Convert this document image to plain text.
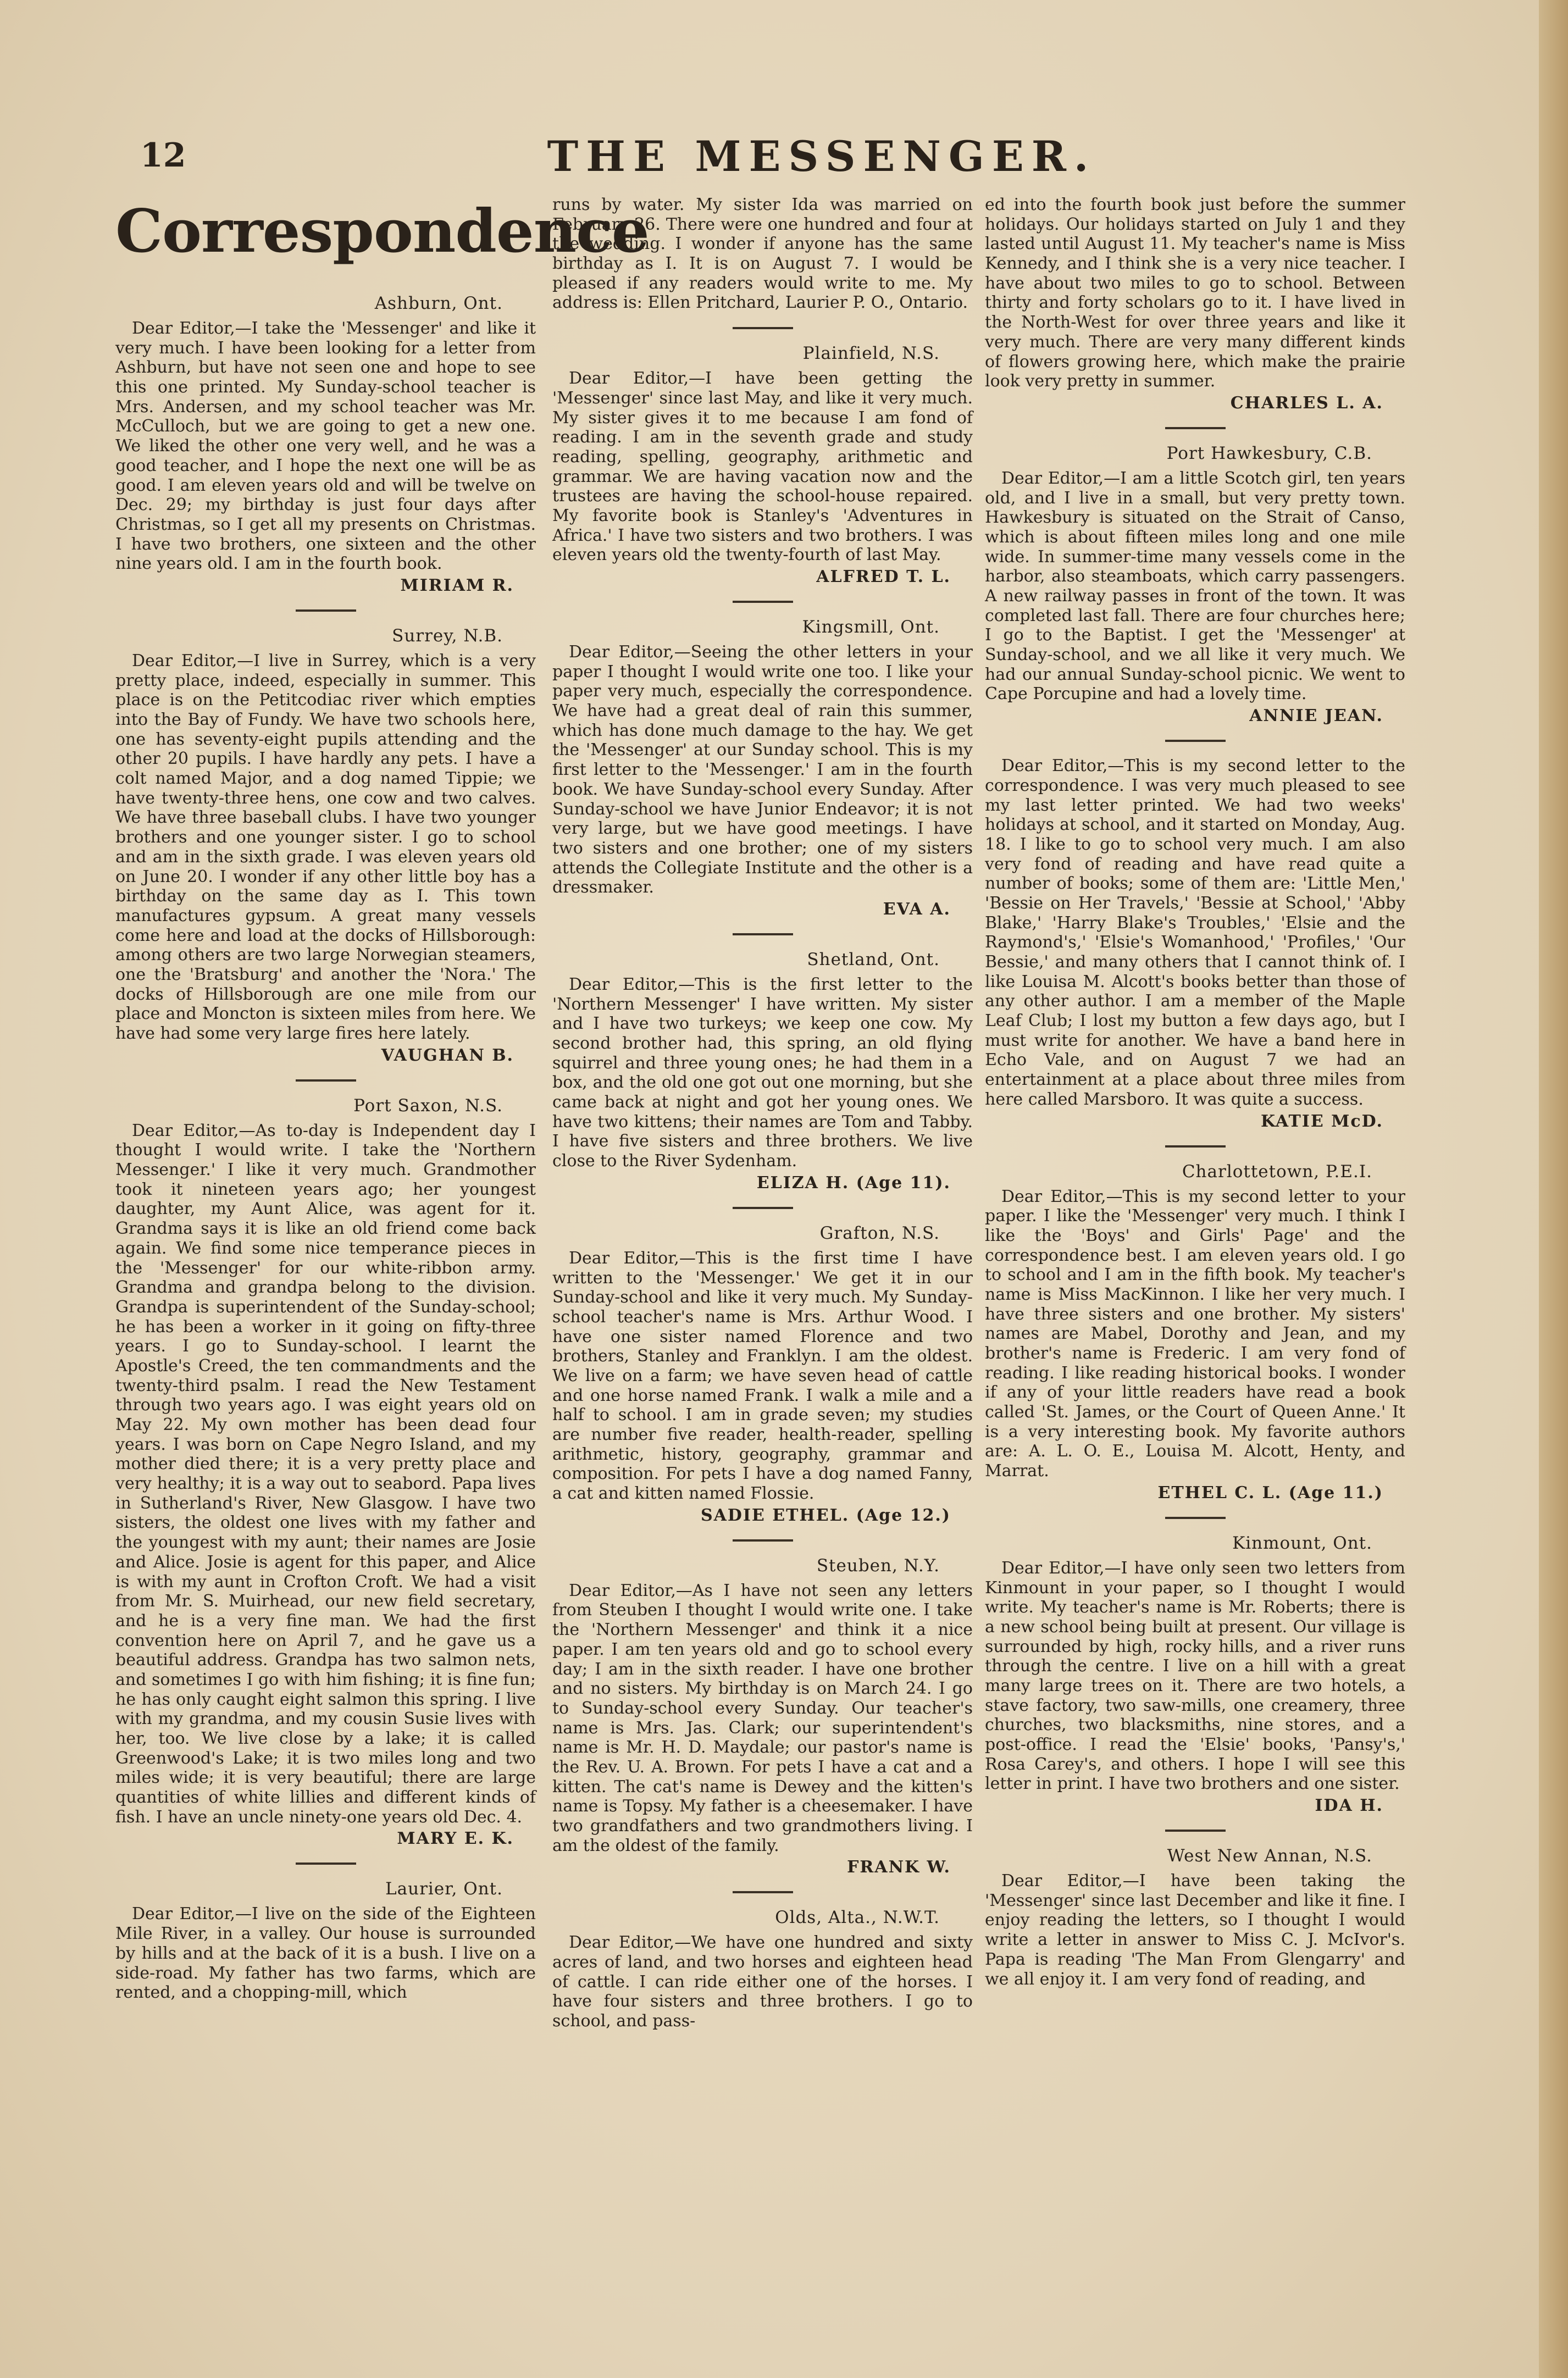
12	THE MESSENGER.
Correspondence
Ashburn, Ont.

Dear Editor,—I take the 'Messenger' and like it very much. I have been looking for a letter from Ashburn, but have not seen one and hope to see this one printed. My Sunday-school teacher is Mrs. Andersen, and my school teacher was Mr. McCulloch, but we are going to get a new one. We liked the other one very well, and he was a good teacher, and I hope the next one will be as good. I am eleven years old and will be twelve on Dec. 29; my birthday is just four days after Christmas, so I get all my presents on Christmas. I have two brothers, one sixteen and the other nine years old. I am in the fourth book.

MIRIAM R.
Surrey, N.B.

Dear Editor,—I live in Surrey, which is a very pretty place, indeed, especially in summer. This place is on the Petitcodiac river which empties into the Bay of Fundy. We have two schools here, one has seventy-eight pupils attending and the other 20 pupils. I have hardly any pets. I have a colt named Major, and a dog named Tippie; we have twenty-three hens, one cow and two calves. We have three baseball clubs. I have two younger brothers and one younger sister. I go to school and am in the sixth grade. I was eleven years old on June 20. I wonder if any other little boy has a birthday on the same day as I. This town manufactures gypsum. A great many vessels come here and load at the docks of Hillsborough: among others are two large Norwegian steamers, one the 'Bratsburg' and another the 'Nora.' The docks of Hillsborough are one mile from our place and Moncton is sixteen miles from here. We have had some very large fires here lately.

VAUGHAN B.
Port Saxon, N.S.

Dear Editor,—As to-day is Independent day I thought I would write. I take the 'Northern Messenger.' I like it very much. Grandmother took it nineteen years ago; her youngest daughter, my Aunt Alice, was agent for it. Grandma says it is like an old friend come back again. We find some nice temperance pieces in the 'Messenger' for our white-ribbon army. Grandma and grandpa belong to the division. Grandpa is superintendent of the Sunday-school; he has been a worker in it going on fifty-three years. I go to Sunday-school. I learnt the Apostle's Creed, the ten commandments and the twenty-third psalm. I read the New Testament through two years ago. I was eight years old on May 22. My own mother has been dead four years. I was born on Cape Negro Island, and my mother died there; it is a very pretty place and very healthy; it is a way out to seabord. Papa lives in Sutherland's River, New Glasgow. I have two sisters, the oldest one lives with my father and the youngest with my aunt; their names are Josie and Alice. Josie is agent for this paper, and Alice is with my aunt in Crofton Croft. We had a visit from Mr. S. Muirhead, our new field secretary, and he is a very fine man. We had the first convention here on April 7, and he gave us a beautiful address. Grandpa has two salmon nets, and sometimes I go with him fishing; it is fine fun; he has only caught eight salmon this spring. I live with my grandma, and my cousin Susie lives with her, too. We live close by a lake; it is called Greenwood's Lake; it is two miles long and two miles wide; it is very beautiful; there are large quantities of white lillies and different kinds of fish. I have an uncle ninety-one years old Dec. 4.

MARY E. K.
Laurier, Ont.

Dear Editor,—I live on the side of the Eighteen Mile River, in a valley. Our house is surrounded by hills and at the back of it is a bush. I live on a side-road. My father has two farms, which are rented, and a chopping-mill, which

runs by water. My sister Ida was married on February 26. There were one hundred and four at the wedding. I wonder if anyone has the same birthday as I. It is on August 7. I would be pleased if any readers would write to me. My address is: Ellen Pritchard, Laurier P. O., Ontario.

Plainfield, N.S.

Dear Editor,—I have been getting the 'Messenger' since last May, and like it very much. My sister gives it to me because I am fond of reading. I am in the seventh grade and study reading, spelling, geography, arithmetic and grammar. We are having vacation now and the trustees are having the school-house repaired. My favorite book is Stanley's 'Adventures in Africa.' I have two sisters and two brothers. I was eleven years old the twenty-fourth of last May.

ALFRED T. L.
Kingsmill, Ont.

Dear Editor,—Seeing the other letters in your paper I thought I would write one too. I like your paper very much, especially the correspondence. We have had a great deal of rain this summer, which has done much damage to the hay. We get the 'Messenger' at our Sunday school. This is my first letter to the 'Messenger.' I am in the fourth book. We have Sunday-school every Sunday. After Sunday-school we have Junior Endeavor; it is not very large, but we have good meetings. I have two sisters and one brother; one of my sisters attends the Collegiate Institute and the other is a dressmaker.

EVA A.
Shetland, Ont.

Dear Editor,—This is the first letter to the 'Northern Messenger' I have written. My sister and I have two turkeys; we keep one cow. My second brother had, this spring, an old flying squirrel and three young ones; he had them in a box, and the old one got out one morning, but she came back at night and got her young ones. We have two kittens; their names are Tom and Tabby. I have five sisters and three brothers. We live close to the River Sydenham.

ELIZA H. (Age 11).
Grafton, N.S.

Dear Editor,—This is the first time I have written to the 'Messenger.' We get it in our Sunday-school and like it very much. My Sunday-school teacher's name is Mrs. Arthur Wood. I have one sister named Florence and two brothers, Stanley and Franklyn. I am the oldest. We live on a farm; we have seven head of cattle and one horse named Frank. I walk a mile and a half to school. I am in grade seven; my studies are number five reader, health-reader, spelling arithmetic, history, geography, grammar and composition. For pets I have a dog named Fanny, a cat and kitten named Flossie.

SADIE ETHEL. (Age 12.)
Steuben, N.Y.

Dear Editor,—As I have not seen any letters from Steuben I thought I would write one. I take the 'Northern Messenger' and think it a nice paper. I am ten years old and go to school every day; I am in the sixth reader. I have one brother and no sisters. My birthday is on March 24. I go to Sunday-school every Sunday. Our teacher's name is Mrs. Jas. Clark; our superintendent's name is Mr. H. D. Maydale; our pastor's name is the Rev. U. A. Brown. For pets I have a cat and a kitten. The cat's name is Dewey and the kitten's name is Topsy. My father is a cheesemaker. I have two grandfathers and two grandmothers living. I am the oldest of the family.

FRANK W.
Olds, Alta., N.W.T.

Dear Editor,—We have one hundred and sixty acres of land, and two horses and eighteen head of cattle. I can ride either one of the horses. I have four sisters and three brothers. I go to school, and pass-

ed into the fourth book just before the summer holidays. Our holidays started on July 1 and they lasted until August 11. My teacher's name is Miss Kennedy, and I think she is a very nice teacher. I have about two miles to go to school. Between thirty and forty scholars go to it. I have lived in the North-West for over three years and like it very much. There are very many different kinds of flowers growing here, which make the prairie look very pretty in summer.

CHARLES L. A.
Port Hawkesbury, C.B.

Dear Editor,—I am a little Scotch girl, ten years old, and I live in a small, but very pretty town. Hawkesbury is situated on the Strait of Canso, which is about fifteen miles long and one mile wide. In summer-time many vessels come in the harbor, also steamboats, which carry passengers. A new railway passes in front of the town. It was completed last fall. There are four churches here; I go to the Baptist. I get the 'Messenger' at Sunday-school, and we all like it very much. We had our annual Sunday-school picnic. We went to Cape Porcupine and had a lovely time.

ANNIE JEAN.

Dear Editor,—This is my second letter to the correspondence. I was very much pleased to see my last letter printed. We had two weeks' holidays at school, and it started on Monday, Aug. 18. I like to go to school very much. I am also very fond of reading and have read quite a number of books; some of them are: 'Little Men,' 'Bessie on Her Travels,' 'Bessie at School,' 'Abby Blake,' 'Harry Blake's Troubles,' 'Elsie and the Raymond's,' 'Elsie's Womanhood,' 'Profiles,' 'Our Bessie,' and many others that I cannot think of. I like Louisa M. Alcott's books better than those of any other author. I am a member of the Maple Leaf Club; I lost my button a few days ago, but I must write for another. We have a band here in Echo Vale, and on August 7 we had an entertainment at a place about three miles from here called Marsboro. It was quite a success.

KATIE McD.
Charlottetown, P.E.I.

Dear Editor,—This is my second letter to your paper. I like the 'Messenger' very much. I think I like the 'Boys' and Girls' Page' and the correspondence best. I am eleven years old. I go to school and I am in the fifth book. My teacher's name is Miss MacKinnon. I like her very much. I have three sisters and one brother. My sisters' names are Mabel, Dorothy and Jean, and my brother's name is Frederic. I am very fond of reading. I like reading historical books. I wonder if any of your little readers have read a book called 'St. James, or the Court of Queen Anne.' It is a very interesting book. My favorite authors are: A. L. O. E., Louisa M. Alcott, Henty, and Marrat.

ETHEL C. L. (Age 11.)
Kinmount, Ont.

Dear Editor,—I have only seen two letters from Kinmount in your paper, so I thought I would write. My teacher's name is Mr. Roberts; there is a new school being built at present. Our village is surrounded by high, rocky hills, and a river runs through the centre. I live on a hill with a great many large trees on it. There are two hotels, a stave factory, two saw-mills, one creamery, three churches, two blacksmiths, nine stores, and a post-office. I read the 'Elsie' books, 'Pansy's,' Rosa Carey's, and others. I hope I will see this letter in print. I have two brothers and one sister.

IDA H.
West New Annan, N.S.

Dear Editor,—I have been taking the 'Messenger' since last December and like it fine. I enjoy reading the letters, so I thought I would write a letter in answer to Miss C. J. McIvor's. Papa is reading 'The Man From Glengarry' and we all enjoy it. I am very fond of reading, and
